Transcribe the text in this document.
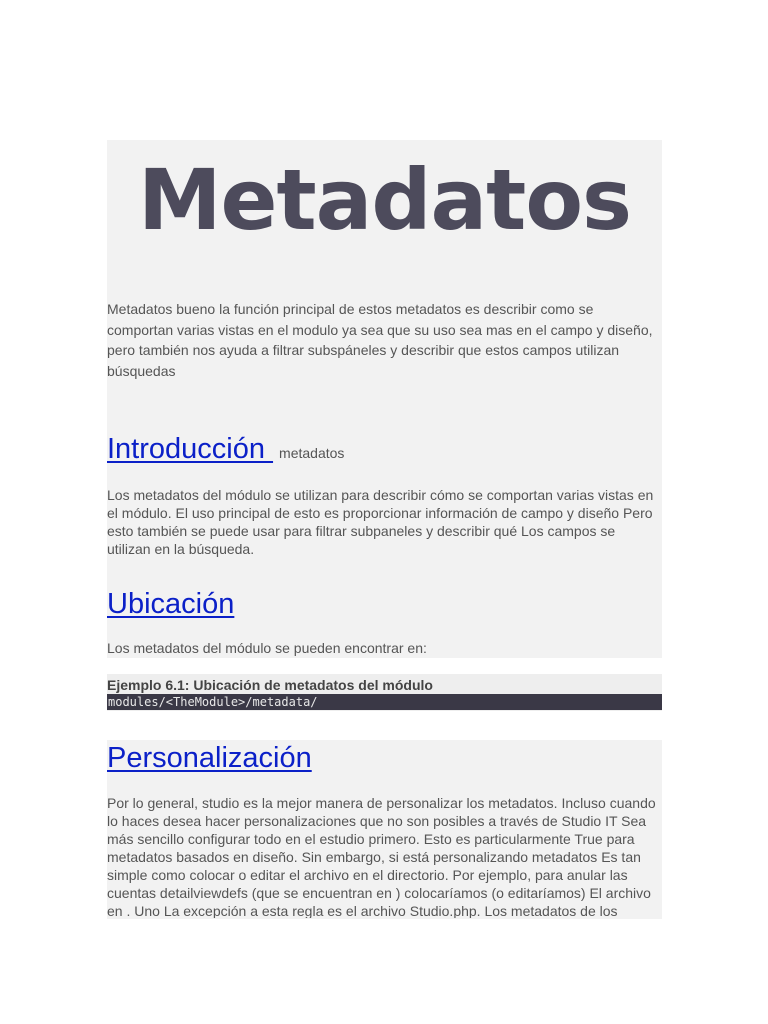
Metadatos
Metadatos bueno la función principal de estos metadatos es describir como se comportan varias vistas en el modulo ya sea que su uso sea mas en el campo y diseño, pero también nos ayuda a filtrar subspáneles y describir que estos campos utilizan búsquedas
Introducción metadatos
Los metadatos del módulo se utilizan para describir cómo se comportan varias vistas en el módulo. El uso principal de esto es proporcionar información de campo y diseño Pero esto también se puede usar para filtrar subpaneles y describir qué Los campos se utilizan en la búsqueda.
Ubicación
Los metadatos del módulo se pueden encontrar en:
Ejemplo 6.1: Ubicación de metadatos del módulo
modules/<TheModule>/metadata/
Personalización
Por lo general, studio es la mejor manera de personalizar los metadatos. Incluso cuando lo haces desea hacer personalizaciones que no son posibles a través de Studio IT Sea más sencillo configurar todo en el estudio primero. Esto es particularmente True para metadatos basados en diseño. Sin embargo, si está personalizando metadatos Es tan simple como colocar o editar el archivo en el directorio. Por ejemplo, para anular las cuentas detailviewdefs (que se encuentran en ) colocaríamos (o editaríamos) El archivo en . Uno La excepción a esta regla es el archivo Studio.php. Los metadatos de los
